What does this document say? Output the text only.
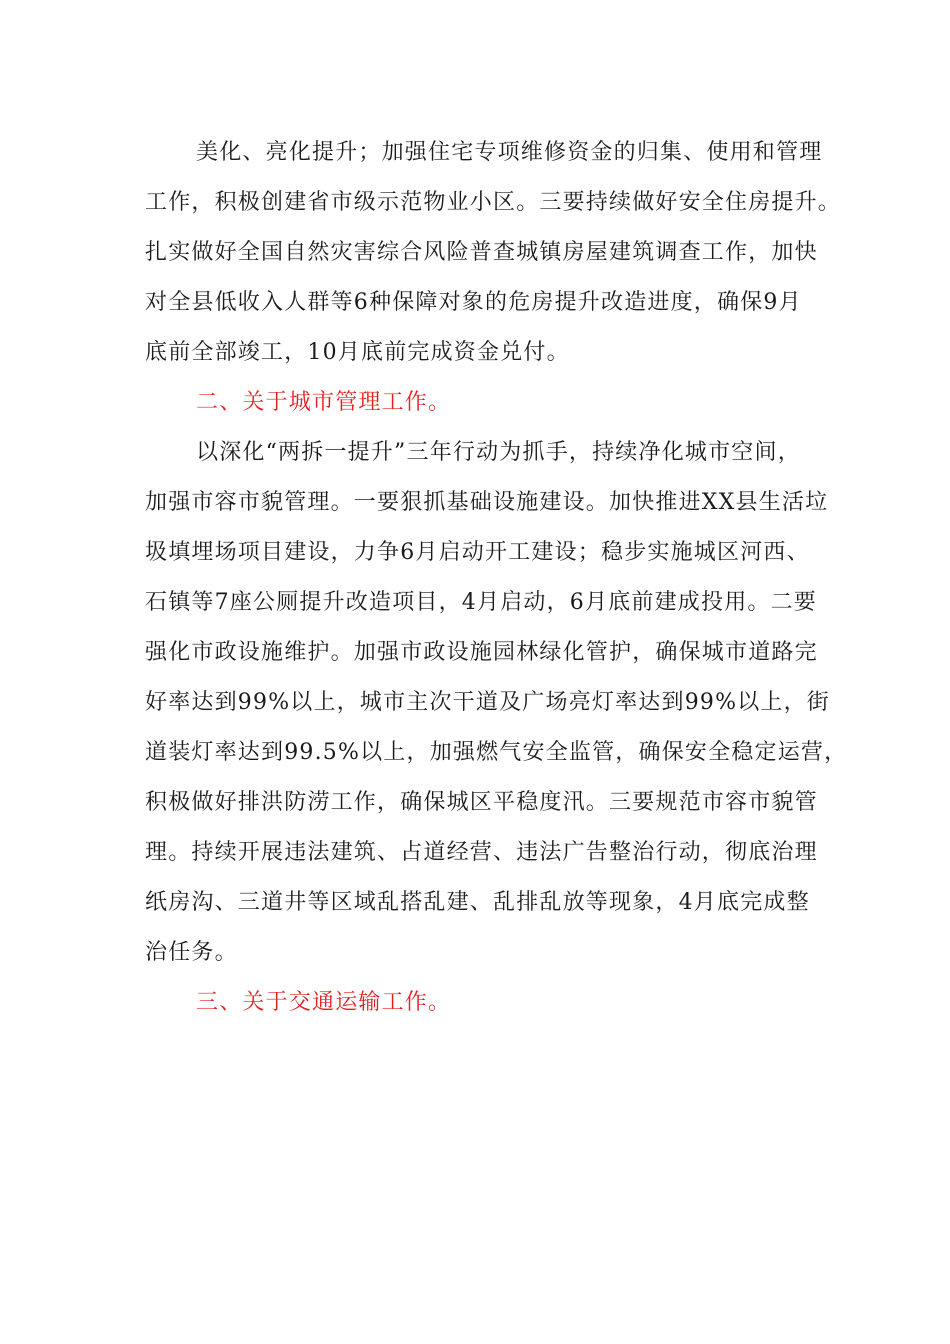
美化、亮化提升；加强住宅专项维修资金的归集、使用和管理
工作，积极创建省市级示范物业小区。三要持续做好安全住房提升。
扎实做好全国自然灾害综合风险普查城镇房屋建筑调查工作，加快
对全县低收入人群等6种保障对象的危房提升改造进度，确保9月
底前全部竣工，10月底前完成资金兑付。
二、关于城市管理工作。
以深化“两拆一提升”三年行动为抓手，持续净化城市空间，
加强市容市貌管理。一要狠抓基础设施建设。加快推进XX县生活垃
圾填埋场项目建设，力争6月启动开工建设；稳步实施城区河西、
石镇等7座公厕提升改造项目，4月启动，6月底前建成投用。二要
强化市政设施维护。加强市政设施园林绿化管护，确保城市道路完
好率达到99%以上，城市主次干道及广场亮灯率达到99%以上，街
道装灯率达到99.5%以上，加强燃气安全监管，确保安全稳定运营，
积极做好排洪防涝工作，确保城区平稳度汛。三要规范市容市貌管
理。持续开展违法建筑、占道经营、违法广告整治行动，彻底治理
纸房沟、三道井等区域乱搭乱建、乱排乱放等现象，4月底完成整
治任务。
三、关于交通运输工作。
